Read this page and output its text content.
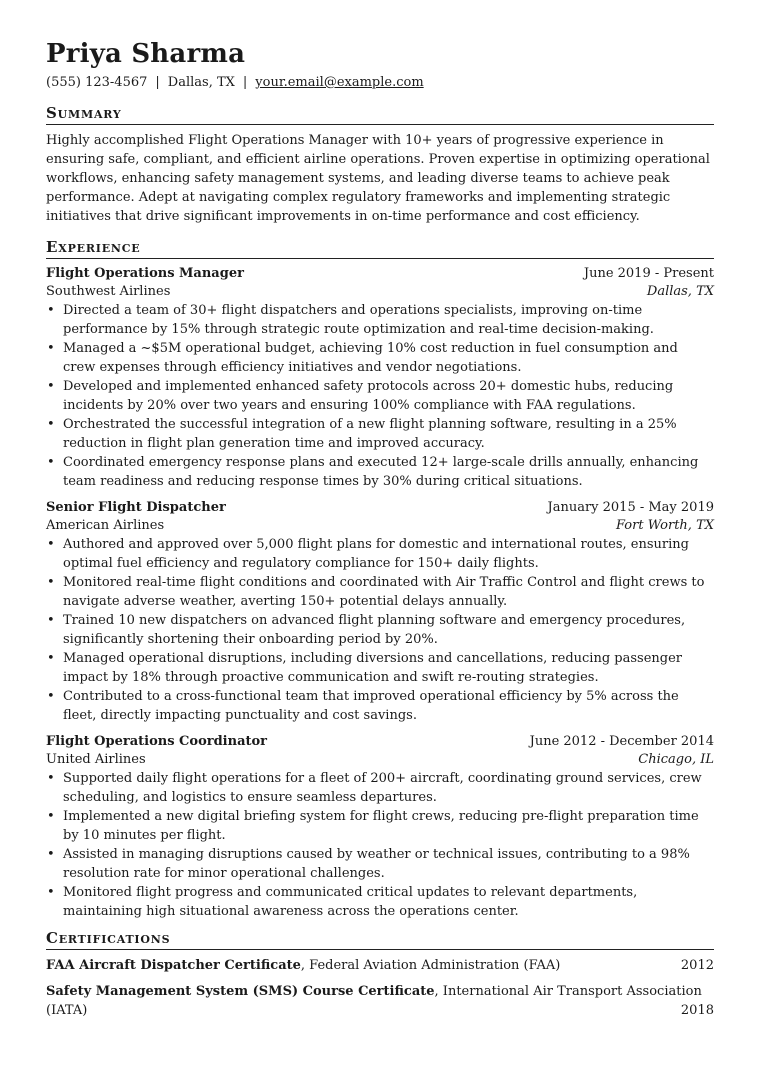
Priya Sharma
(555) 123-4567 | Dallas, TX | your.email@example.com
Summary
Highly accomplished Flight Operations Manager with 10+ years of progressive experience in ensuring safe, compliant, and efficient airline operations. Proven expertise in optimizing operational workflows, enhancing safety management systems, and leading diverse teams to achieve peak performance. Adept at navigating complex regulatory frameworks and implementing strategic initiatives that drive significant improvements in on-time performance and cost efficiency.
Experience
Flight Operations Manager	June 2019 - Present
Southwest Airlines	Dallas, TX
• Directed a team of 30+ flight dispatchers and operations specialists, improving on-time performance by 15% through strategic route optimization and real-time decision-making.
• Managed a ~$5M operational budget, achieving 10% cost reduction in fuel consumption and crew expenses through efficiency initiatives and vendor negotiations.
• Developed and implemented enhanced safety protocols across 20+ domestic hubs, reducing incidents by 20% over two years and ensuring 100% compliance with FAA regulations.
• Orchestrated the successful integration of a new flight planning software, resulting in a 25% reduction in flight plan generation time and improved accuracy.
• Coordinated emergency response plans and executed 12+ large-scale drills annually, enhancing team readiness and reducing response times by 30% during critical situations.
Senior Flight Dispatcher	January 2015 - May 2019
American Airlines	Fort Worth, TX
• Authored and approved over 5,000 flight plans for domestic and international routes, ensuring optimal fuel efficiency and regulatory compliance for 150+ daily flights.
• Monitored real-time flight conditions and coordinated with Air Traffic Control and flight crews to navigate adverse weather, averting 150+ potential delays annually.
• Trained 10 new dispatchers on advanced flight planning software and emergency procedures, significantly shortening their onboarding period by 20%.
• Managed operational disruptions, including diversions and cancellations, reducing passenger impact by 18% through proactive communication and swift re-routing strategies.
• Contributed to a cross-functional team that improved operational efficiency by 5% across the fleet, directly impacting punctuality and cost savings.
Flight Operations Coordinator	June 2012 - December 2014
United Airlines	Chicago, IL
• Supported daily flight operations for a fleet of 200+ aircraft, coordinating ground services, crew scheduling, and logistics to ensure seamless departures.
• Implemented a new digital briefing system for flight crews, reducing pre-flight preparation time by 10 minutes per flight.
• Assisted in managing disruptions caused by weather or technical issues, contributing to a 98% resolution rate for minor operational challenges.
• Monitored flight progress and communicated critical updates to relevant departments, maintaining high situational awareness across the operations center.
Certifications
FAA Aircraft Dispatcher Certificate, Federal Aviation Administration (FAA)	2012
Safety Management System (SMS) Course Certificate, International Air Transport Association
(IATA)	2018
